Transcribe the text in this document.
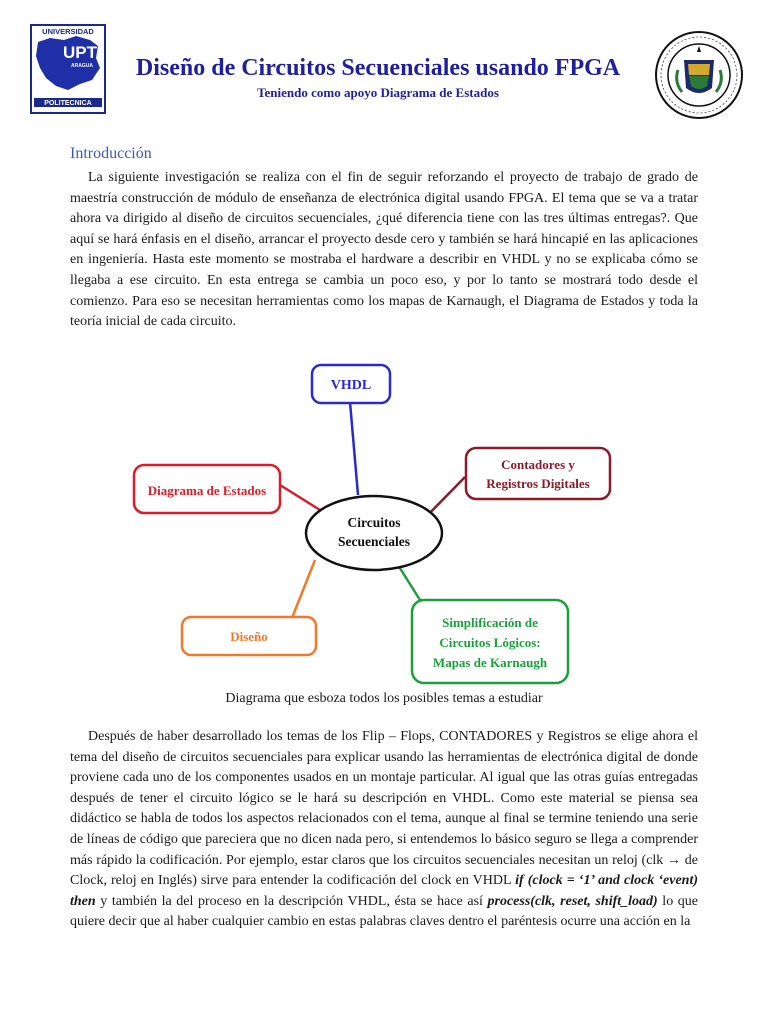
UNIVERSIDAD
UPT
ARAGUA
POLITECNICA
Diseño de Circuitos Secuenciales usando FPGA
Teniendo como apoyo Diagrama de Estados
Introducción

La siguiente investigación se realiza con el fin de seguir reforzando el proyecto de trabajo de grado de maestría construcción de módulo de enseñanza de electrónica digital usando FPGA. El tema que se va a tratar ahora va dirigido al diseño de circuitos secuenciales, ¿qué diferencia tiene con las tres últimas entregas?. Que aquí se hará énfasis en el diseño, arrancar el proyecto desde cero y también se hará hincapié en las aplicaciones en ingeniería. Hasta este momento se mostraba el hardware a describir en VHDL y no se explicaba cómo se llegaba a ese circuito. En esta entrega se cambia un poco eso, y por lo tanto se mostrará todo desde el comienzo. Para eso se necesitan herramientas como los mapas de Karnaugh, el Diagrama de Estados y toda la teoría inicial de cada circuito.

VHDL
Contadores y
Registros Digitales
Diagrama de Estados
Circuitos
Secuenciales
Diseño
Simplificación de
Circuitos Lógicos:
Mapas de Karnaugh
Diagrama que esboza todos los posibles temas a estudiar

Después de haber desarrollado los temas de los Flip – Flops, CONTADORES y Registros se elige ahora el tema del diseño de circuitos secuenciales para explicar usando las herramientas de electrónica digital de donde proviene cada uno de los componentes usados en un montaje particular. Al igual que las otras guías entregadas después de tener el circuito lógico se le hará su descripción en VHDL. Como este material se piensa sea didáctico se habla de todos los aspectos relacionados con el tema, aunque al final se termine teniendo una serie de líneas de código que pareciera que no dicen nada pero, si entendemos lo básico seguro se llega a comprender más rápido la codificación. Por ejemplo, estar claros que los circuitos secuenciales necesitan un reloj (clk → de Clock, reloj en Inglés) sirve para entender la codificación del clock en VHDL if (clock = ‘1’ and clock ‘event) then y también la del proceso en la descripción VHDL, ésta se hace así process(clk, reset, shift_load) lo que quiere decir que al haber cualquier cambio en estas palabras claves dentro el paréntesis ocurre una acción en la
